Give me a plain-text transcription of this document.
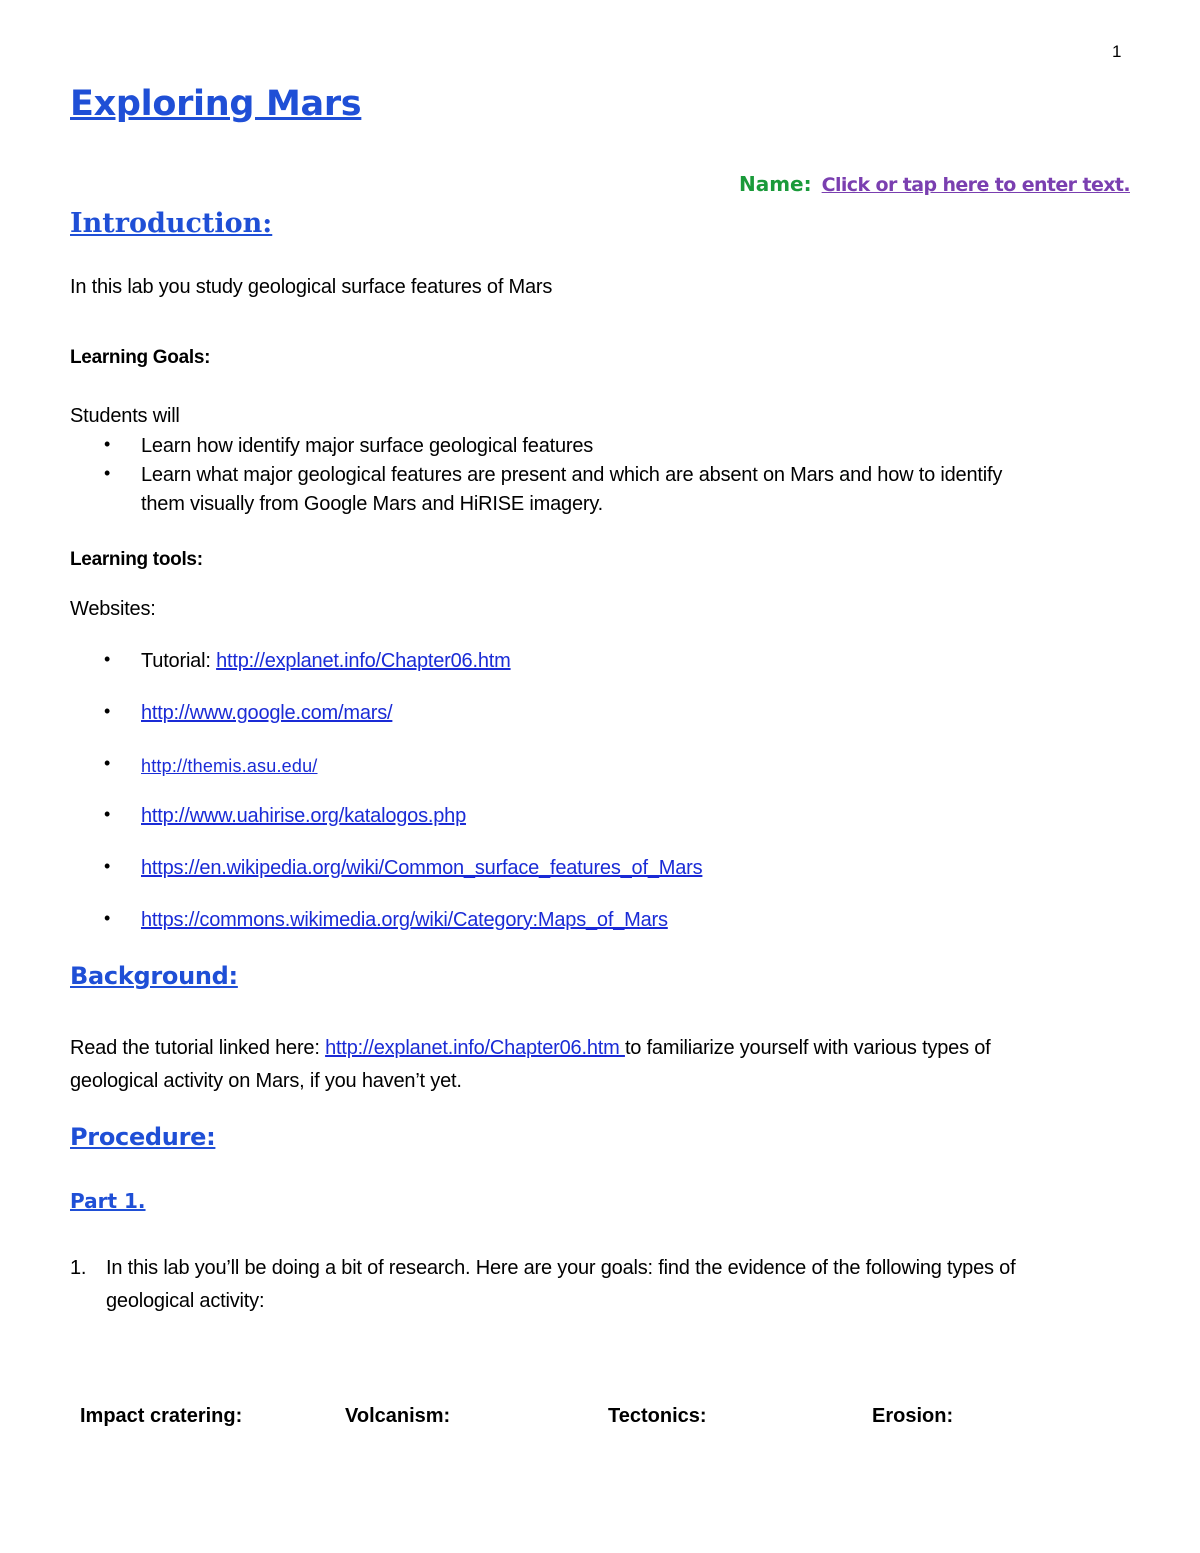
1
Exploring Mars
Name: Click or tap here to enter text.
Introduction:
In this lab you study geological surface features of Mars
Learning Goals:
Students will
• Learn how identify major surface geological features
• Learn what major geological features are present and which are absent on Mars and how to identify
them visually from Google Mars and HiRISE imagery.
Learning tools:
Websites:
• Tutorial: http://explanet.info/Chapter06.htm
• http://www.google.com/mars/
• http://themis.asu.edu/
• http://www.uahirise.org/katalogos.php
• https://en.wikipedia.org/wiki/Common_surface_features_of_Mars
• https://commons.wikimedia.org/wiki/Category:Maps_of_Mars
Background:
Read the tutorial linked here: http://explanet.info/Chapter06.htm to familiarize yourself with various types of
geological activity on Mars, if you haven’t yet.
Procedure:
Part 1.
1. In this lab you’ll be doing a bit of research. Here are your goals: find the evidence of the following types of
geological activity:
Impact cratering:	Volcanism:	Tectonics:	Erosion:
